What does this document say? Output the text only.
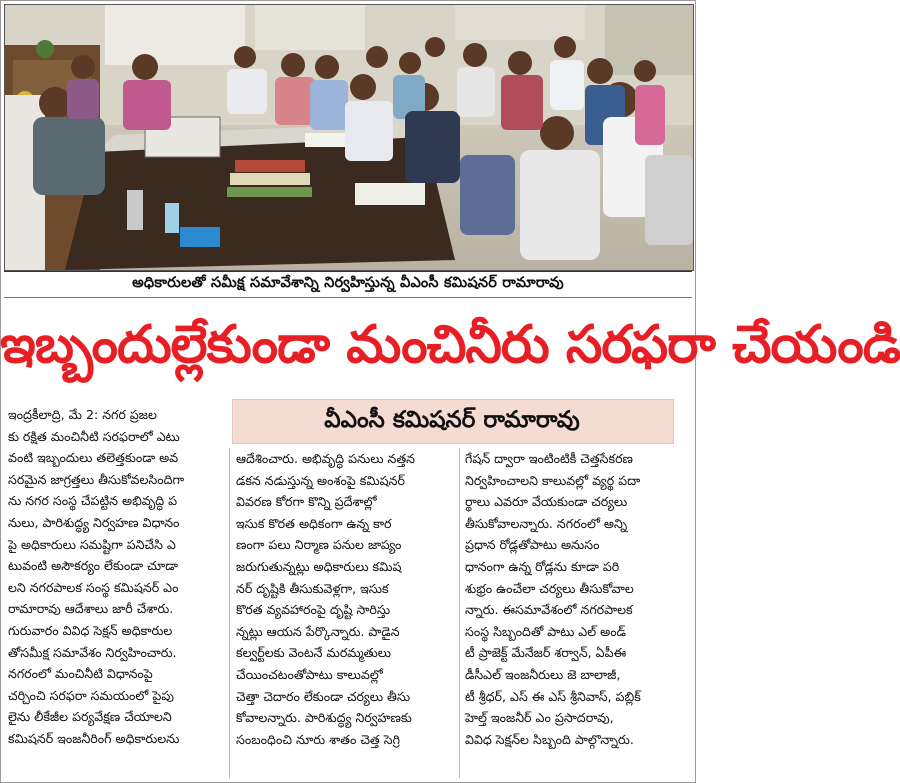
అధికారులతో సమీక్ష సమావేశాన్ని నిర్వహిస్తున్న వీఎంసీ కమిషనర్ రామారావు
ఇబ్బందుల్లేకుండా మంచినీరు సరఫరా చేయండి
వీఎంసీ కమిషనర్ రామారావు
ఇంద్రకీలాద్రి, మే 2: నగర ప్రజల
కు రక్షిత మంచినీటి సరఫరాలో ఎటు
వంటి ఇబ్బందులు తలెత్తకుండా అవ
సరమైన జాగ్రత్తలు తీసుకోవలసిందిగా
ను నగర సంస్థ చేపట్టిన అభివృద్ధి ప
నులు, పారిశుద్ధ్య నిర్వహణ విధానం
పై అధికారులు సమష్టిగా పనిచేసి ఎ
టువంటి అసౌకర్యం లేకుండా చూడా
లని నగరపాలక సంస్థ కమిషనర్ ఎం
రామారావు ఆదేశాలు జారీ చేశారు.
గురువారం వివిధ సెక్షన్ అధికారుల
తోసమీక్ష సమావేశం నిర్వహించారు.
నగరంలో మంచినీటి విధానంపై
చర్చించి సరఫరా సమయంలో పైపు
లైను లీకేజీల పర్యవేక్షణ చేయాలని
కమిషనర్ ఇంజనీరింగ్ అధికారులను
ఆదేశించారు. అభివృద్ధి పనులు నత్తన
డకన నడుస్తున్న అంశంపై కమిషనర్
వివరణ కోరగా కొన్ని ప్రదేశాల్లో
ఇసుక కొరత అధికంగా ఉన్న కార
ణంగా పలు నిర్మాణ పనుల జాప్యం
జరుగుతున్నట్లు అధికారులు కమిష
నర్ దృష్టికి తీసుకువెళ్లగా, ఇసుక
కొరత వ్యవహారంపై దృష్టి సారిస్తు
న్నట్లు ఆయన పేర్కొన్నారు. పాడైన
కల్వర్ట్‌లకు వెంటనే మరమ్మతులు
చేయించటంతోపాటు కాలువల్లో
చెత్తా చెదారం లేకుండా చర్యలు తీసు
కోవాలన్నారు. పారిశుద్ధ్య నిర్వహణకు
సంబంధించి నూరు శాతం చెత్త సెగ్రి
గేషన్ ద్వారా ఇంటింటికీ చెత్తసేకరణ
నిర్వహించాలని కాలువల్లో వ్యర్థ పదా
ర్థాలు ఎవరూ వేయకుండా చర్యలు
తీసుకోవాలన్నారు. నగరంలో అన్ని
ప్రధాన రోడ్లతోపాటు అనుసం
ధానంగా ఉన్న రోడ్లను కూడా పరి
శుభ్రం ఉంచేలా చర్యలు తీసుకోవాల
న్నారు. ఈసమావేశంలో నగరపాలక
సంస్థ సిబ్బందితో పాటు ఎల్ అండ్
టీ ప్రాజెక్ట్ మేనేజర్ శర్వాన్, ఏపీఈ
డీసీఎల్ ఇంజనీరులు జె బాలాజీ,
టీ శ్రీధర్, ఎస్ ఈ ఎస్ శ్రీనివాస్, పబ్లిక్
హెల్త్ ఇంజనీర్ ఎం ప్రసాదరావు,
వివిధ సెక్షన్‌ల సిబ్బంది పాల్గొన్నారు.
